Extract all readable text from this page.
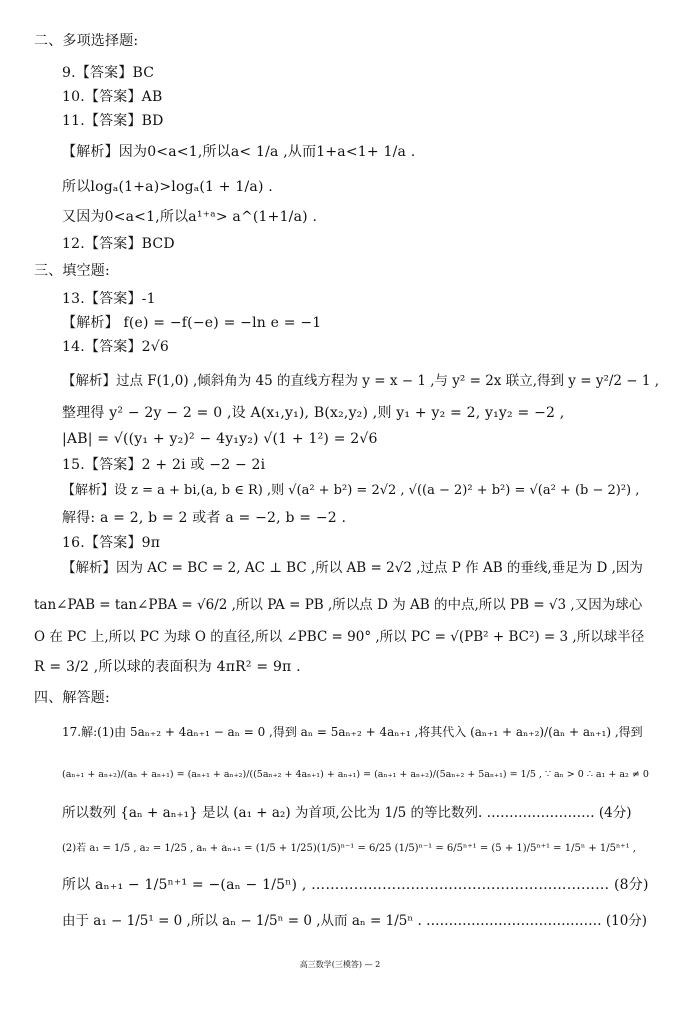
二、多项选择题:
9.【答案】BC
10.【答案】AB
11.【答案】BD
【解析】因为0<a<1,所以a< 1/a ,从而1+a<1+ 1/a .
所以logₐ(1+a)>logₐ(1 + 1/a) .
又因为0<a<1,所以a¹⁺ᵃ> a^(1+1/a) .
12.【答案】BCD
三、填空题:
13.【答案】-1
【解析】 f(e) = −f(−e) = −ln e = −1
14.【答案】2√6
【解析】过点 F(1,0) ,倾斜角为 45 的直线方程为 y = x − 1 ,与 y² = 2x 联立,得到 y = y²/2 − 1 ,
整理得 y² − 2y − 2 = 0 ,设 A(x₁,y₁), B(x₂,y₂) ,则 y₁ + y₂ = 2, y₁y₂ = −2 ,
|AB| = √((y₁ + y₂)² − 4y₁y₂) √(1 + 1²) = 2√6
15.【答案】2 + 2i 或 −2 − 2i
【解析】设 z = a + bi,(a, b ∈ R) ,则 √(a² + b²) = 2√2 , √((a − 2)² + b²) = √(a² + (b − 2)²) ,
解得: a = 2, b = 2 或者 a = −2, b = −2 .
16.【答案】9π
【解析】因为 AC = BC = 2, AC ⊥ BC ,所以 AB = 2√2 ,过点 P 作 AB 的垂线,垂足为 D ,因为
tan∠PAB = tan∠PBA = √6/2 ,所以 PA = PB ,所以点 D 为 AB 的中点,所以 PB = √3 ,又因为球心
O 在 PC 上,所以 PC 为球 O 的直径,所以 ∠PBC = 90° ,所以 PC = √(PB² + BC²) = 3 ,所以球半径
R = 3/2 ,所以球的表面积为 4πR² = 9π .
四、解答题:
17.解:(1)由 5aₙ₊₂ + 4aₙ₊₁ − aₙ = 0 ,得到 aₙ = 5aₙ₊₂ + 4aₙ₊₁ ,将其代入 (aₙ₊₁ + aₙ₊₂)/(aₙ + aₙ₊₁) ,得到
(aₙ₊₁ + aₙ₊₂)/(aₙ + aₙ₊₁) = (aₙ₊₁ + aₙ₊₂)/((5aₙ₊₂ + 4aₙ₊₁) + aₙ₊₁) = (aₙ₊₁ + aₙ₊₂)/(5aₙ₊₂ + 5aₙ₊₁) = 1/5 , ∵ aₙ > 0 ∴ a₁ + a₂ ≠ 0
所以数列 {aₙ + aₙ₊₁} 是以 (a₁ + a₂) 为首项,公比为 1/5 的等比数列. …………………… (4分)
(2)若 a₁ = 1/5 , a₂ = 1/25 , aₙ + aₙ₊₁ = (1/5 + 1/25)(1/5)ⁿ⁻¹ = 6/25 (1/5)ⁿ⁻¹ = 6/5ⁿ⁺¹ = (5 + 1)/5ⁿ⁺¹ = 1/5ⁿ + 1/5ⁿ⁺¹ ,
所以 aₙ₊₁ − 1/5ⁿ⁺¹ = −(aₙ − 1/5ⁿ) , ……………………………………………………… (8分)
由于 a₁ − 1/5¹ = 0 ,所以 aₙ − 1/5ⁿ = 0 ,从而 aₙ = 1/5ⁿ . ………………………………… (10分)
高三数学(三模答) — 2
